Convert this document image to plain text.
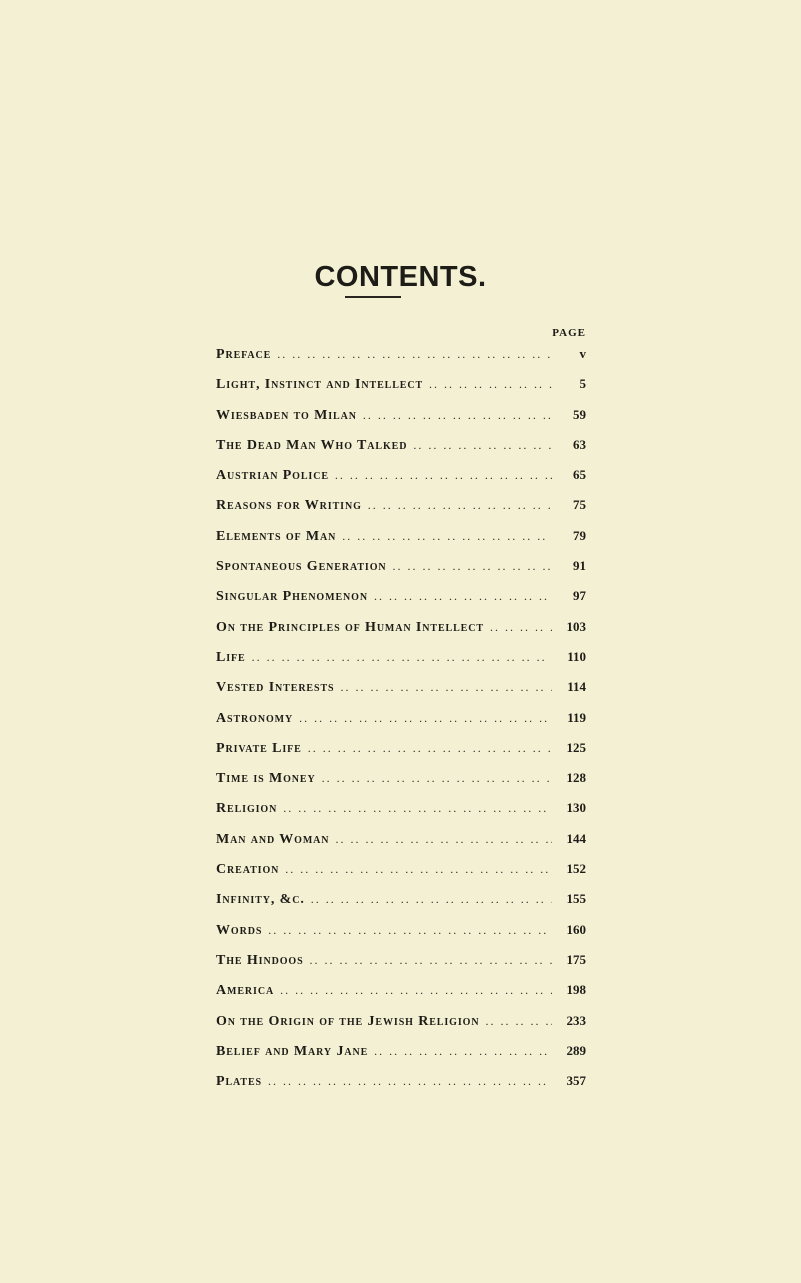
CONTENTS.
PAGE
Preface .. ..	v
Light, Instinct and Intellect .. ..	5
Wiesbaden to Milan .. ..	59
The Dead Man Who Talked .. ..	63
Austrian Police .. ..	65
Reasons for Writing .. ..	75
Elements of Man .. ..	79
Spontaneous Generation .. ..	91
Singular Phenomenon .. ..	97
On the Principles of Human Intellect .. ..	103
Life .. ..	110
Vested Interests .. ..	114
Astronomy .. ..	119
Private Life .. ..	125
Time is Money .. ..	128
Religion .. ..	130
Man and Woman .. ..	144
Creation .. ..	152
Infinity, &c. .. ..	155
Words .. ..	160
The Hindoos .. ..	175
America .. ..	198
On the Origin of the Jewish Religion .. ..	233
Belief and Mary Jane .. ..	289
Plates .. ..	357
